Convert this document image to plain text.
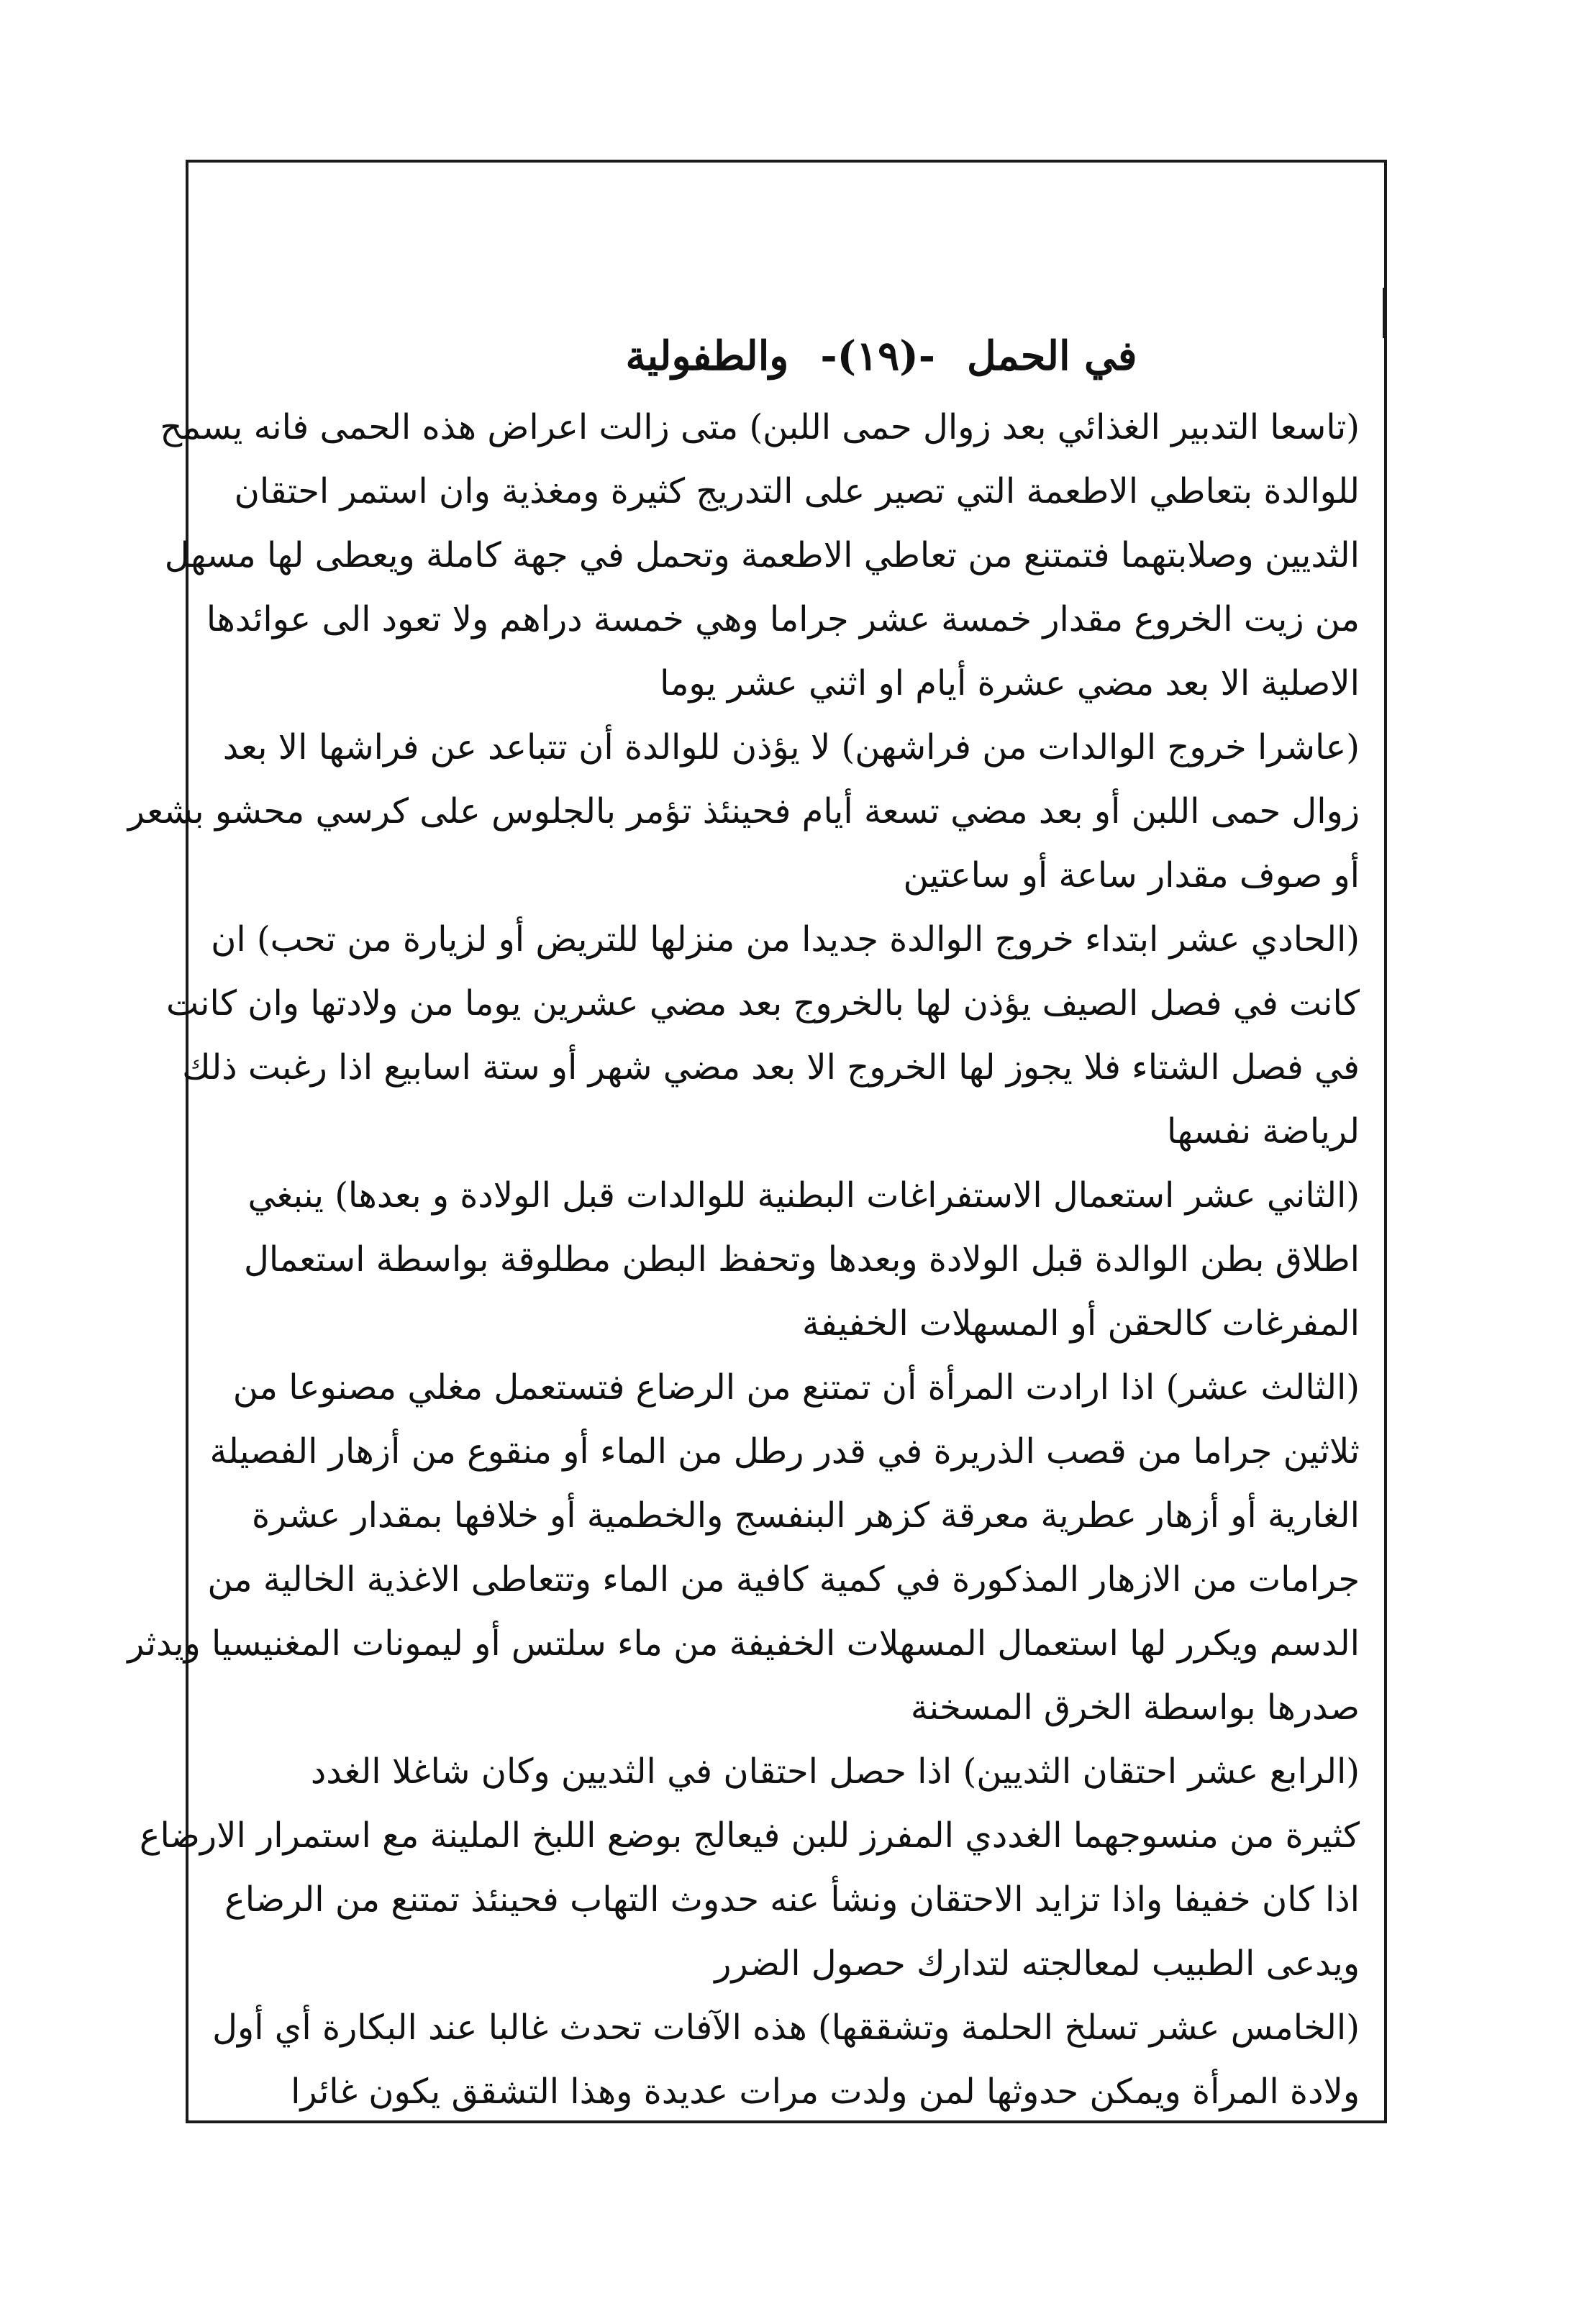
في الحمل
-(١٩)-
والطفولية
(تاسعا التدبير الغذائي بعد زوال حمى اللبن) متى زالت اعراض هذه الحمى فانه يسمح
للوالدة بتعاطي الاطعمة التي تصير على التدريج كثيرة ومغذية وان استمر احتقان
الثديين وصلابتهما فتمتنع من تعاطي الاطعمة وتحمل في جهة كاملة ويعطى لها مسهل
من زيت الخروع مقدار خمسة عشر جراما وهي خمسة دراهم ولا تعود الى عوائدها
الاصلية الا بعد مضي عشرة أيام او اثني عشر يوما
(عاشرا خروج الوالدات من فراشهن) لا يؤذن للوالدة أن تتباعد عن فراشها الا بعد
زوال حمى اللبن أو بعد مضي تسعة أيام فحينئذ تؤمر بالجلوس على كرسي محشو بشعر
أو صوف مقدار ساعة أو ساعتين
(الحادي عشر ابتداء خروج الوالدة جديدا من منزلها للتريض أو لزيارة من تحب) ان
كانت في فصل الصيف يؤذن لها بالخروج بعد مضي عشرين يوما من ولادتها وان كانت
في فصل الشتاء فلا يجوز لها الخروج الا بعد مضي شهر أو ستة اسابيع اذا رغبت ذلك
لرياضة نفسها
(الثاني عشر استعمال الاستفراغات البطنية للوالدات قبل الولادة و بعدها) ينبغي
اطلاق بطن الوالدة قبل الولادة وبعدها وتحفظ البطن مطلوقة بواسطة استعمال
المفرغات كالحقن أو المسهلات الخفيفة
(الثالث عشر) اذا ارادت المرأة أن تمتنع من الرضاع فتستعمل مغلي مصنوعا من
ثلاثين جراما من قصب الذريرة في قدر رطل من الماء أو منقوع من أزهار الفصيلة
الغارية أو أزهار عطرية معرقة كزهر البنفسج والخطمية أو خلافها بمقدار عشرة
جرامات من الازهار المذكورة في كمية كافية من الماء وتتعاطى الاغذية الخالية من
الدسم ويكرر لها استعمال المسهلات الخفيفة من ماء سلتس أو ليمونات المغنيسيا ويدثر
صدرها بواسطة الخرق المسخنة
(الرابع عشر احتقان الثديين) اذا حصل احتقان في الثديين وكان شاغلا الغدد
كثيرة من منسوجهما الغددي المفرز للبن فيعالج بوضع اللبخ الملينة مع استمرار الارضاع
اذا كان خفيفا واذا تزايد الاحتقان ونشأ عنه حدوث التهاب فحينئذ تمتنع من الرضاع
ويدعى الطبيب لمعالجته لتدارك حصول الضرر
(الخامس عشر تسلخ الحلمة وتشققها) هذه الآفات تحدث غالبا عند البكارة أي أول
ولادة المرأة ويمكن حدوثها لمن ولدت مرات عديدة وهذا التشقق يكون غائرا
